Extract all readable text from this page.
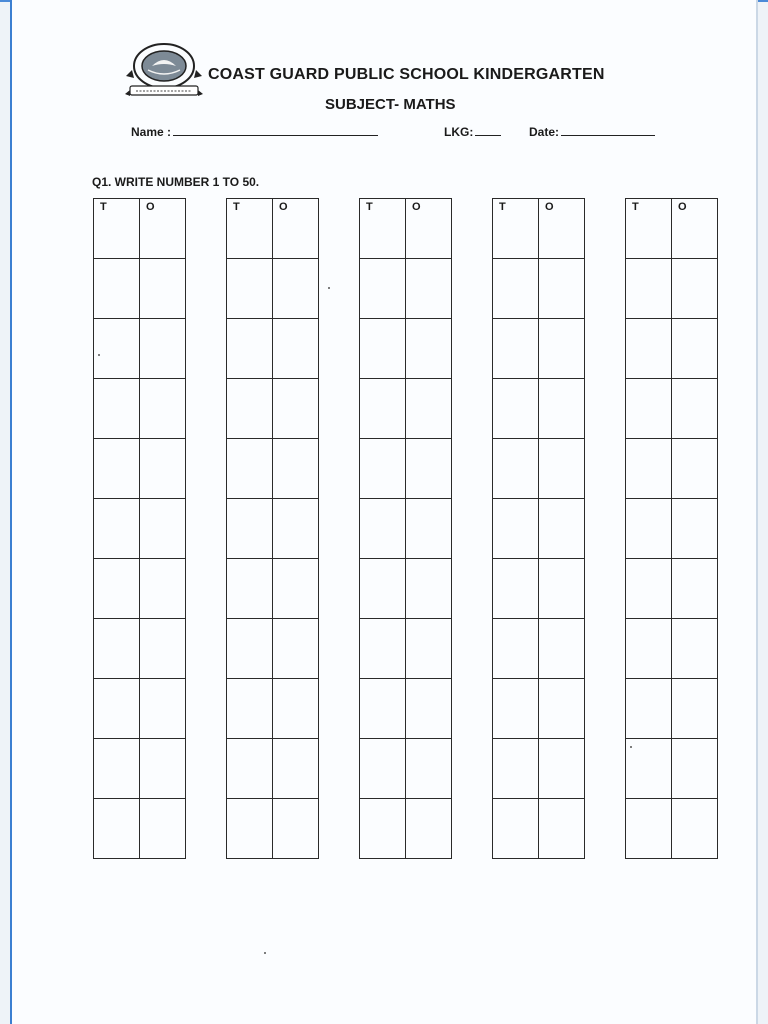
COAST GUARD PUBLIC SCHOOL KINDERGARTEN
SUBJECT- MATHS
Name :	LKG:	Date:
Q1. WRITE NUMBER 1 TO 50.
T	O

		T	O

		T	O

		T	O

		T	O
